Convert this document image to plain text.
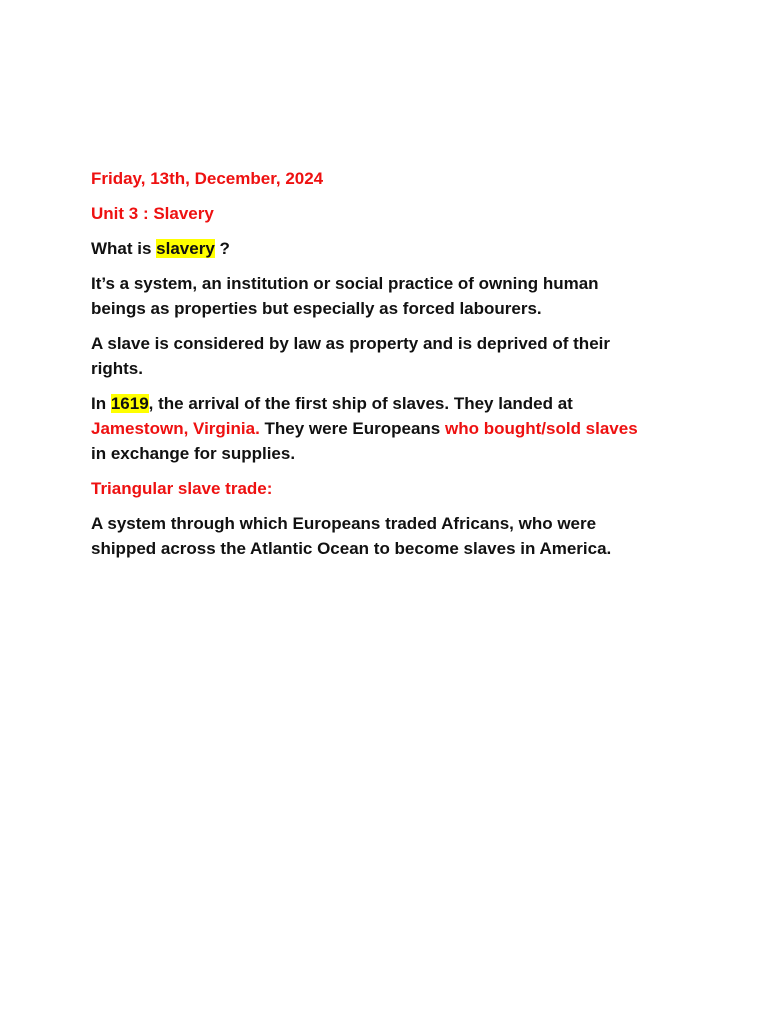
Friday, 13th, December, 2024
Unit 3 : Slavery
What is slavery ?
It’s a system, an institution or social practice of owning human
beings as properties but especially as forced labourers.
A slave is considered by law as property and is deprived of their
rights.
In 1619, the arrival of the first ship of slaves. They landed at
Jamestown, Virginia. They were Europeans who bought/sold slaves
in exchange for supplies.
Triangular slave trade:
A system through which Europeans traded Africans, who were
shipped across the Atlantic Ocean to become slaves in America.
